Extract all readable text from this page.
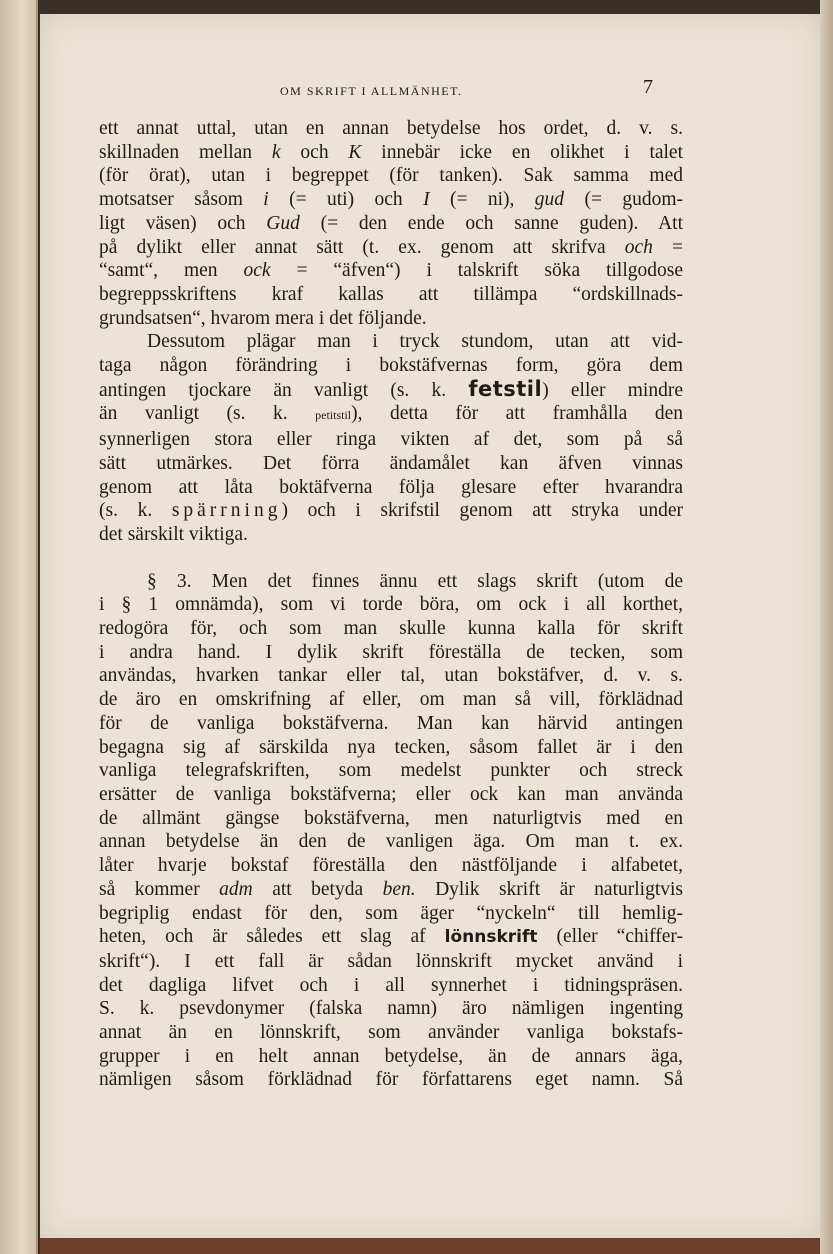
OM SKRIFT I ALLMÄNHET.	7
ett annat uttal, utan en annan betydelse hos ordet, d. v. s.
skillnaden mellan k och K innebär icke en olikhet i talet
(för örat), utan i begreppet (för tanken). Sak samma med
motsatser såsom i (= uti) och I (= ni), gud (= gudom-
ligt väsen) och Gud (= den ende och sanne guden). Att
på dylikt eller annat sätt (t. ex. genom att skrifva och =
“samt“, men ock = “äfven“) i talskrift söka tillgodose
begreppsskriftens kraf kallas att tillämpa “ordskillnads-
grundsatsen“, hvarom mera i det följande.
Dessutom plägar man i tryck stundom, utan att vid-
taga någon förändring i bokstäfvernas form, göra dem
antingen tjockare än vanligt (s. k. fetstil) eller mindre
än vanligt (s. k. petitstil), detta för att framhålla den
synnerligen stora eller ringa vikten af det, som på så
sätt utmärkes. Det förra ändamålet kan äfven vinnas
genom att låta boktäfverna följa glesare efter hvarandra
(s. k. spärrning) och i skrifstil genom att stryka under
det särskilt viktiga.
§ 3. Men det finnes ännu ett slags skrift (utom de
i § 1 omnämda), som vi torde böra, om ock i all korthet,
redogöra för, och som man skulle kunna kalla för skrift
i andra hand. I dylik skrift föreställa de tecken, som
användas, hvarken tankar eller tal, utan bokstäfver, d. v. s.
de äro en omskrifning af eller, om man så vill, förklädnad
för de vanliga bokstäfverna. Man kan härvid antingen
begagna sig af särskilda nya tecken, såsom fallet är i den
vanliga telegrafskriften, som medelst punkter och streck
ersätter de vanliga bokstäfverna; eller ock kan man använda
de allmänt gängse bokstäfverna, men naturligtvis med en
annan betydelse än den de vanligen äga. Om man t. ex.
låter hvarje bokstaf föreställa den nästföljande i alfabetet,
så kommer adm att betyda ben. Dylik skrift är naturligtvis
begriplig endast för den, som äger “nyckeln“ till hemlig-
heten, och är således ett slag af lönnskrift (eller “chiffer-
skrift“). I ett fall är sådan lönnskrift mycket använd i
det dagliga lifvet och i all synnerhet i tidningspräsen.
S. k. psevdonymer (falska namn) äro nämligen ingenting
annat än en lönnskrift, som använder vanliga bokstafs-
grupper i en helt annan betydelse, än de annars äga,
nämligen såsom förklädnad för författarens eget namn. Så
